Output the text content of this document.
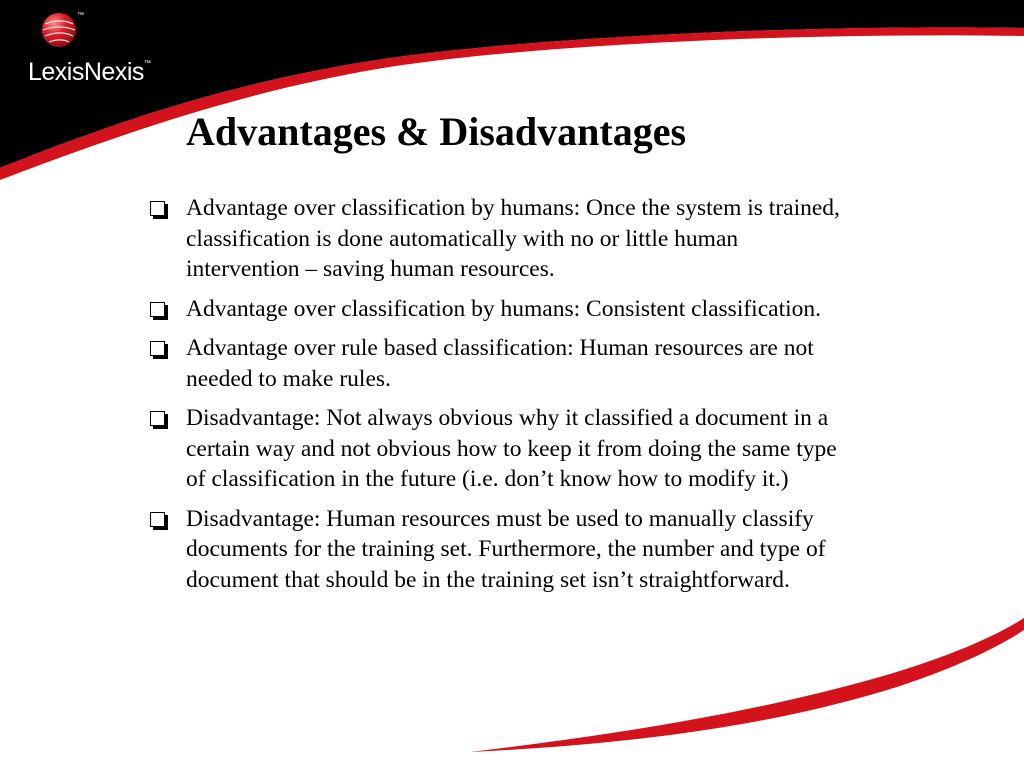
™
LexisNexis™
Advantages & Disadvantages
Advantage over classification by humans: Once the system is trained, classification is done automatically with no or little human intervention – saving human resources.
Advantage over classification by humans: Consistent classification.
Advantage over rule based classification: Human resources are not needed to make rules.
Disadvantage: Not always obvious why it classified a document in a certain way and not obvious how to keep it from doing the same type of classification in the future (i.e. don’t know how to modify it.)
Disadvantage: Human resources must be used to manually classify documents for the training set. Furthermore, the number and type of document that should be in the training set isn’t straightforward.
